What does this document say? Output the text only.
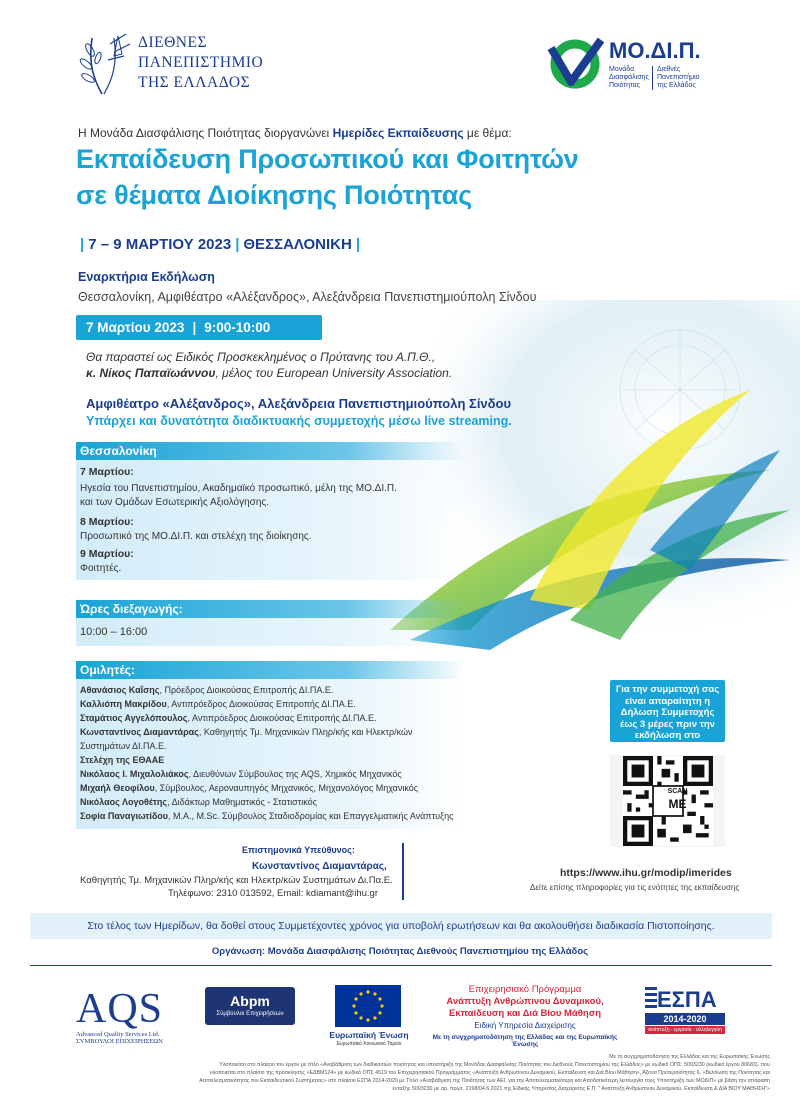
ΔΙΕΘΝΕΣ
ΠΑΝΕΠΙΣΤΗΜΙΟ
ΤΗΣ ΕΛΛΑΔΟΣ
ΜΟ.ΔΙ.Π.
Μονάδα
Διασφάλισης
Ποιότητας
Διεθνές
Πανεπιστήμιο
της Ελλάδος
Η Μονάδα Διασφάλισης Ποιότητας διοργανώνει Ημερίδες Εκπαίδευσης με θέμα:
Εκπαίδευση Προσωπικού και Φοιτητών
σε θέματα Διοίκησης Ποιότητας
| 7 – 9 ΜΑΡΤΙΟΥ 2023 | ΘΕΣΣΑΛΟΝΙΚΗ |
Εναρκτήρια Εκδήλωση
Θεσσαλονίκη, Αμφιθέατρο «Αλέξανδρος», Αλεξάνδρεια Πανεπιστημιούπολη Σίνδου
7 Μαρτίου 2023 | 9:00-10:00
Θα παραστεί ως Ειδικός Προσκεκλημένος ο Πρύτανης του Α.Π.Θ.,
κ. Νίκος Παπαϊωάννου, μέλος του European University Association.
Αμφιθέατρο «Αλέξανδρος», Αλεξάνδρεια Πανεπιστημιούπολη Σίνδου
Υπάρχει και δυνατότητα διαδικτυακής συμμετοχής μέσω live streaming.
Θεσσαλονίκη
7 Μαρτίου:
Ηγεσία του Πανεπιστημίου, Ακαδημαϊκό προσωπικό, μέλη της ΜΟ.ΔΙ.Π.
και των Ομάδων Εσωτερικής Αξιολόγησης.
8 Μαρτίου:
Προσωπικό της ΜΟ.ΔΙ.Π. και στελέχη της διοίκησης.
9 Μαρτίου:
Φοιτητές.
Ώρες διεξαγωγής:
10:00 – 16:00
Ομιλητές:
Αθανάσιος Καΐσης, Πρόεδρος Διοικούσας Επιτροπής ΔΙ.ΠΑ.Ε.
Καλλιόπη Μακρίδου, Αντιπρόεδρος Διοικούσας Επιτροπής ΔΙ.ΠΑ.Ε.
Σταμάτιος Αγγελόπουλος, Αντιπρόεδρος Διοικούσας Επιτροπής ΔΙ.ΠΑ.Ε.
Κωνσταντίνος Διαμαντάρας, Καθηγητής Τμ. Μηχανικών Πληρ/κής και Ηλεκτρ/κών
Συστημάτων ΔΙ.ΠΑ.Ε.
Στελέχη της ΕΘΑΑΕ
Νικόλαος Ι. Μιχαλολιάκος, Διευθύνων Σύμβουλος της AQS, Χημικός Μηχανικός
Μιχαήλ Θεοφίλου, Σύμβουλος, Αεροναυπηγός Μηχανικός, Μηχανολόγος Μηχανικός
Νικόλαος Λογοθέτης, Διδάκτωρ Μαθηματικός - Στατιστικός
Σοφία Παναγιωτίδου, M.A., M.Sc. Σύμβουλος Σταδιοδρομίας και Επαγγελματικής Ανάπτυξης
Για την συμμετοχή σας
είναι απαραίτητη η
Δήλωση Συμμετοχής
έως 3 μέρες πριν την
εκδήλωση στο
SCAN
ME
https://www.ihu.gr/modip/imerides
Δείτε επίσης πληροφορίες για τις ενότητες της εκπαίδευσης
Επιστημονικά Υπεύθυνος:
Κωνσταντίνος Διαμαντάρας,
Καθηγητής Τμ. Μηχανικών Πληρ/κής και Ηλεκτρ/κών Συστημάτων Δι.Πα.Ε.
Τηλέφωνο: 2310 013592, Email: kdiamant@ihu.gr
Στο τέλος των Ημερίδων, θα δοθεί στους Συμμετέχοντες χρόνος για υποβολή ερωτήσεων και θα ακολουθήσει διαδικασία Πιστοποίησης.
Οργάνωση: Μονάδα Διασφάλισης Ποιότητας Διεθνούς Πανεπιστημίου της Ελλάδος
AQS
Advanced Quality Services Ltd.
ΣΥΜΒΟΥΛΟΙ ΕΠΙΧΕΙΡΗΣΕΩΝ
Abpm
Σύμβουλοι Επιχειρήσεων
Ευρωπαϊκή Ένωση
Ευρωπαϊκό Κοινωνικό Ταμείο
Επιχειρησιακό Πρόγραμμα
Ανάπτυξη Ανθρώπινου Δυναμικού,
Εκπαίδευση και Διά Βίου Μάθηση
Ειδική Υπηρεσία Διαχείρισης
Με τη συγχρηματοδότηση της Ελλάδας και της Ευρωπαϊκής Ένωσης
ΕΣΠΑ
2014-2020
ανάπτυξη - εργασία - αλληλεγγύη
Με τη συγχρηματοδότηση της Ελλάδας και της Ευρωπαϊκής Ένωσης
Υλοποιείται στο πλαίσιο του έργου με τίτλο «Αναβάθμιση των διαδικασιών ποιότητας και υποστήριξη της Μονάδας Διασφάλισης Ποιότητας του Διεθνούς Πανεπιστημίου της Ελλάδος» με κωδικό ΟΠΣ: 5093230 (κωδικό έργου 80683), που
υλοποιείται στο πλαίσιο της πρόσκλησης «ΕΔΒΜ124» με κωδικό ΟΠΣ 4519 του Επιχειρησιακού Προγράμματος «Ανάπτυξη Ανθρώπινου Δυναμικού, Εκπαίδευση και Διά Βίου Μάθηση», Άξονα Προτεραιότητας 6, «Βελτίωση της Ποιότητας και
Αποτελεσματικότητας του Εκπαιδευτικού Συστήματος» στο πλαίσιο ΕΣΠΑ 2014-2020 με Τίτλο «Αναβάθμιση της Ποιότητας των ΑΕΙ, για την Αποτελεσματικότερη και Αποδοτικότερη λειτουργία τους Υποστήριξη των ΜΟΔΙΠ» με βάση την απόφαση
ένταξης 5093230 με αρ. πρωτ. 2198/04.6.2021 της Ειδικής Υπηρεσίας Διαχείρισης Ε.Π. " Ανάπτυξη Ανθρώπινου Δυναμικού, Εκπαίδευση & ΔΙΑ ΒΙΟΥ ΜΑΘΗΣΗ"»
